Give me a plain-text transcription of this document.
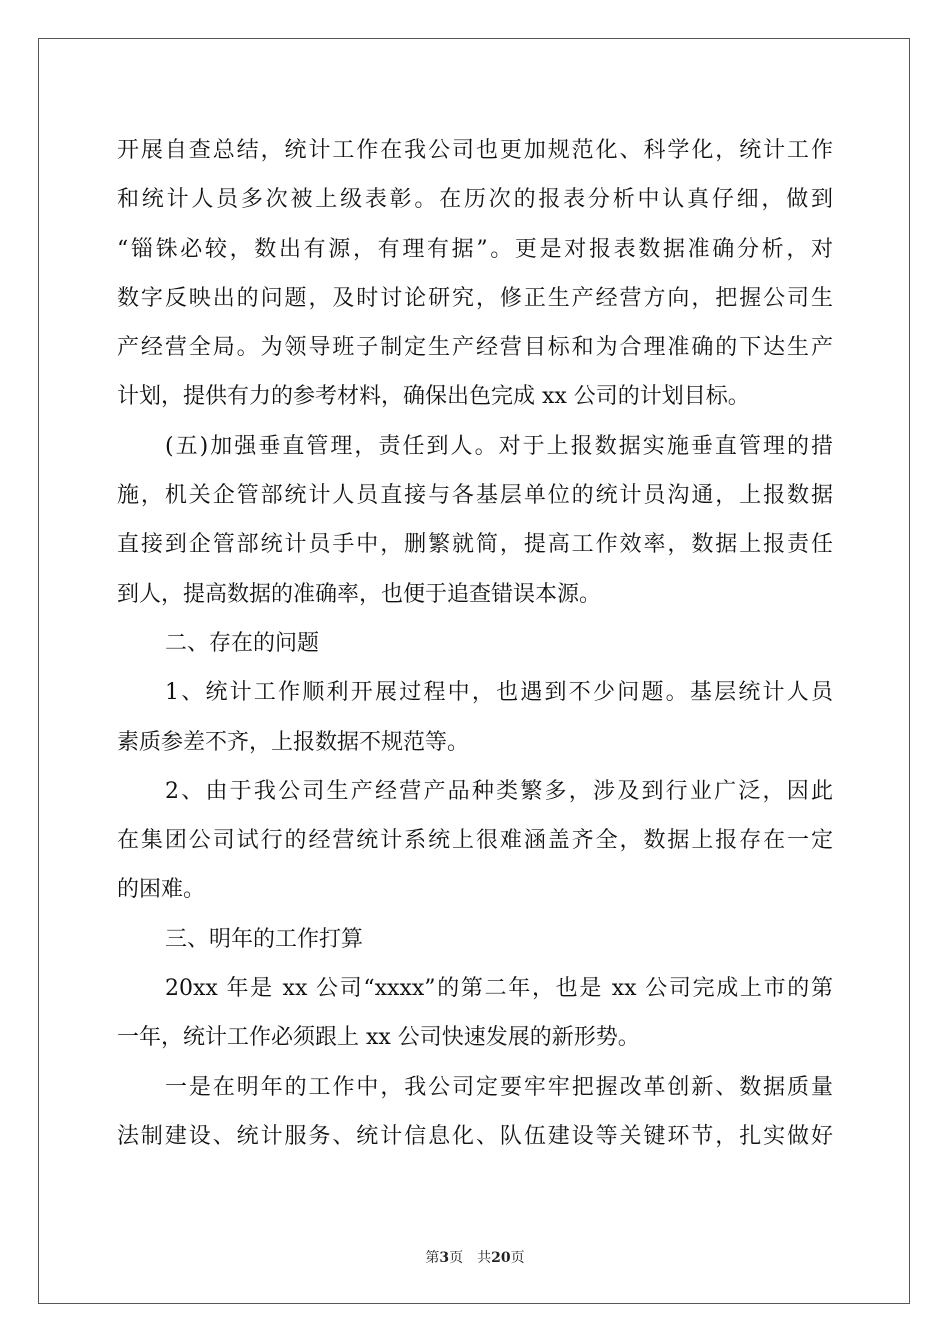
开展自查总结，统计工作在我公司也更加规范化、科学化，统计工作
和统计人员多次被上级表彰。在历次的报表分析中认真仔细，做到
“锱铢必较，数出有源，有理有据”。更是对报表数据准确分析，对
数字反映出的问题，及时讨论研究，修正生产经营方向，把握公司生
产经营全局。为领导班子制定生产经营目标和为合理准确的下达生产
计划，提供有力的参考材料，确保出色完成 xx 公司的计划目标。
(五)加强垂直管理，责任到人。对于上报数据实施垂直管理的措
施，机关企管部统计人员直接与各基层单位的统计员沟通，上报数据
直接到企管部统计员手中，删繁就简，提高工作效率，数据上报责任
到人，提高数据的准确率，也便于追查错误本源。
二、存在的问题
1、统计工作顺利开展过程中，也遇到不少问题。基层统计人员
素质参差不齐，上报数据不规范等。
2、由于我公司生产经营产品种类繁多，涉及到行业广泛，因此
在集团公司试行的经营统计系统上很难涵盖齐全，数据上报存在一定
的困难。
三、明年的工作打算
20xx 年是 xx 公司“xxxx”的第二年，也是 xx 公司完成上市的第
一年，统计工作必须跟上 xx 公司快速发展的新形势。
一是在明年的工作中，我公司定要牢牢把握改革创新、数据质量
法制建设、统计服务、统计信息化、队伍建设等关键环节，扎实做好
第3页 共20页
